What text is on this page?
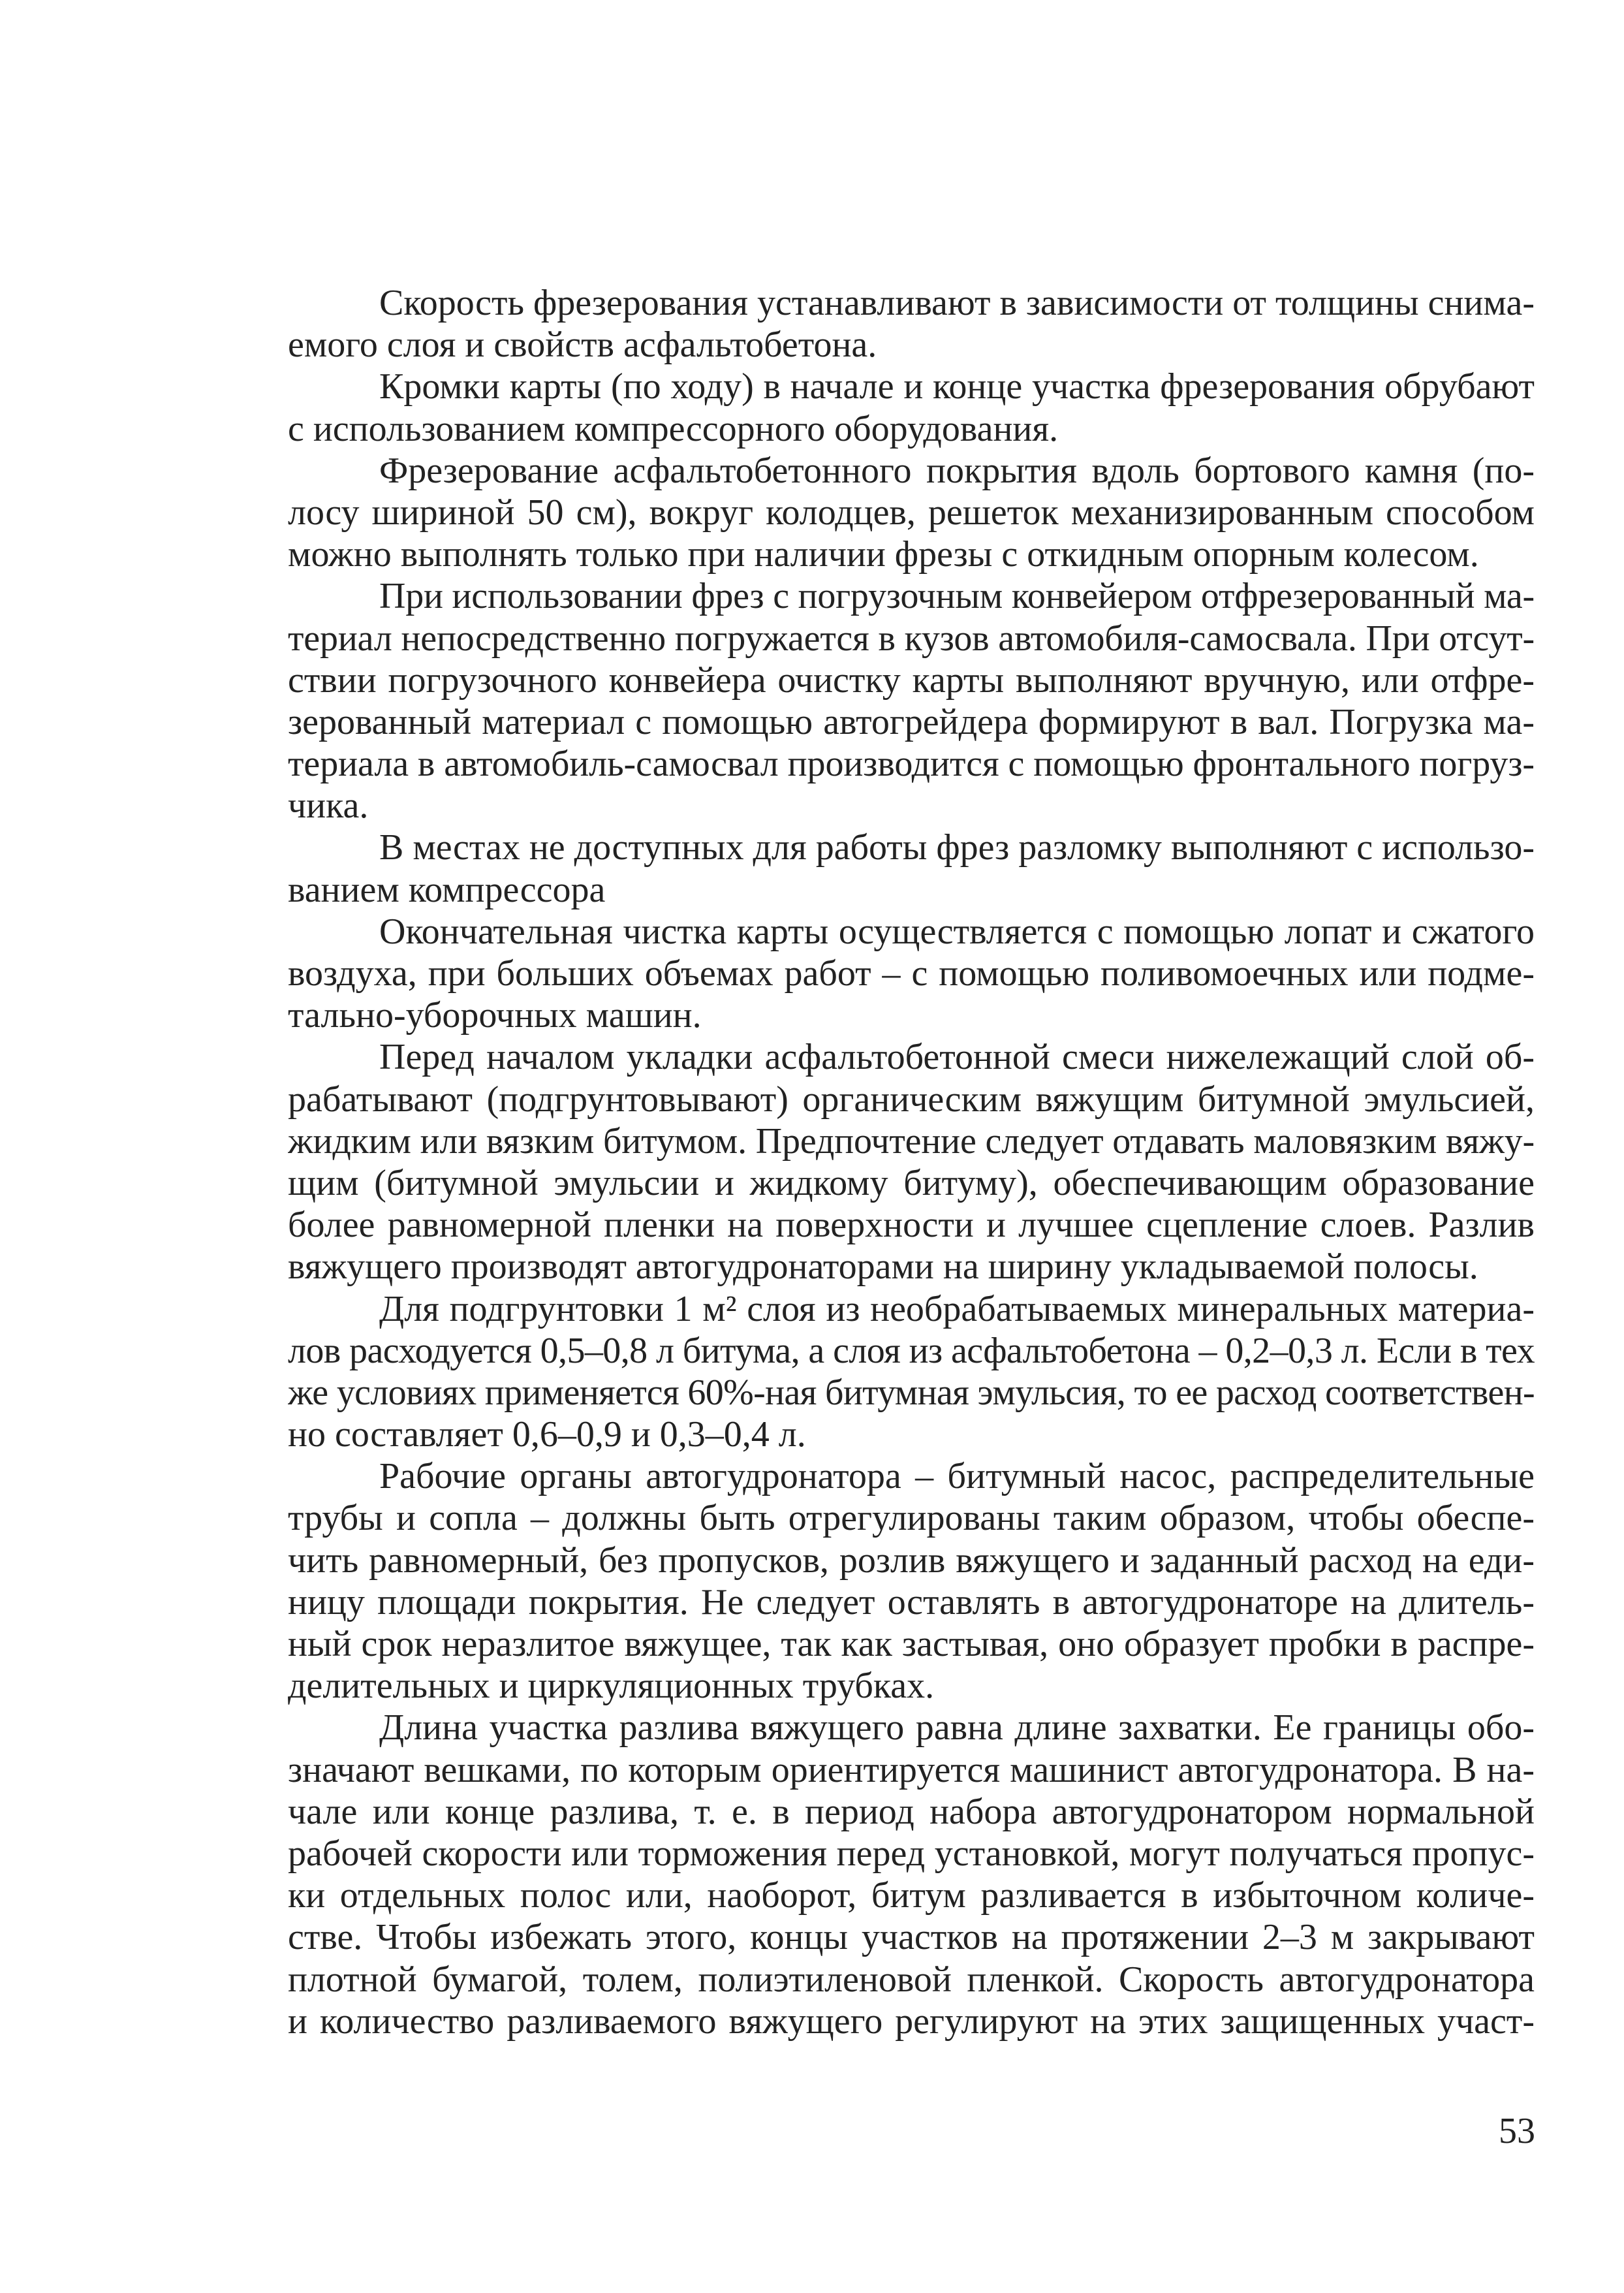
Скорость фрезерования устанавливают в зависимости от толщины снима-
емого слоя и свойств асфальтобетона.
Кромки карты (по ходу) в начале и конце участка фрезерования обрубают
с использованием компрессорного оборудования.
Фрезерование асфальтобетонного покрытия вдоль бортового камня (по-
лосу шириной 50 см), вокруг колодцев, решеток механизированным способом
можно выполнять только при наличии фрезы с откидным опорным колесом.
При использовании фрез с погрузочным конвейером отфрезерованный ма-
териал непосредственно погружается в кузов автомобиля-самосвала. При отсут-
ствии погрузочного конвейера очистку карты выполняют вручную, или отфре-
зерованный материал с помощью автогрейдера формируют в вал. Погрузка ма-
териала в автомобиль-самосвал производится с помощью фронтального погруз-
чика.
В местах не доступных для работы фрез разломку выполняют с использо-
ванием компрессора
Окончательная чистка карты осуществляется с помощью лопат и сжатого
воздуха, при больших объемах работ – с помощью поливомоечных или подме-
тально-уборочных машин.
Перед началом укладки асфальтобетонной смеси нижележащий слой об-
рабатывают (подгрунтовывают) органическим вяжущим битумной эмульсией,
жидким или вязким битумом. Предпочтение следует отдавать маловязким вяжу-
щим (битумной эмульсии и жидкому битуму), обеспечивающим образование
более равномерной пленки на поверхности и лучшее сцепление слоев. Разлив
вяжущего производят автогудронаторами на ширину укладываемой полосы.
Для подгрунтовки 1 м² слоя из необрабатываемых минеральных материа-
лов расходуется 0,5–0,8 л битума, а слоя из асфальтобетона – 0,2–0,3 л. Если в тех
же условиях применяется 60%-ная битумная эмульсия, то ее расход соответствен-
но составляет 0,6–0,9 и 0,3–0,4 л.
Рабочие органы автогудронатора – битумный насос, распределительные
трубы и сопла – должны быть отрегулированы таким образом, чтобы обеспе-
чить равномерный, без пропусков, розлив вяжущего и заданный расход на еди-
ницу площади покрытия. Не следует оставлять в автогудронаторе на длитель-
ный срок неразлитое вяжущее, так как застывая, оно образует пробки в распре-
делительных и циркуляционных трубках.
Длина участка разлива вяжущего равна длине захватки. Ее границы обо-
значают вешками, по которым ориентируется машинист автогудронатора. В на-
чале или конце разлива, т. е. в период набора автогудронатором нормальной
рабочей скорости или торможения перед установкой, могут получаться пропус-
ки отдельных полос или, наоборот, битум разливается в избыточном количе-
стве. Чтобы избежать этого, концы участков на протяжении 2–3 м закрывают
плотной бумагой, толем, полиэтиленовой пленкой. Скорость автогудронатора
и количество разливаемого вяжущего регулируют на этих защищенных участ-
53
